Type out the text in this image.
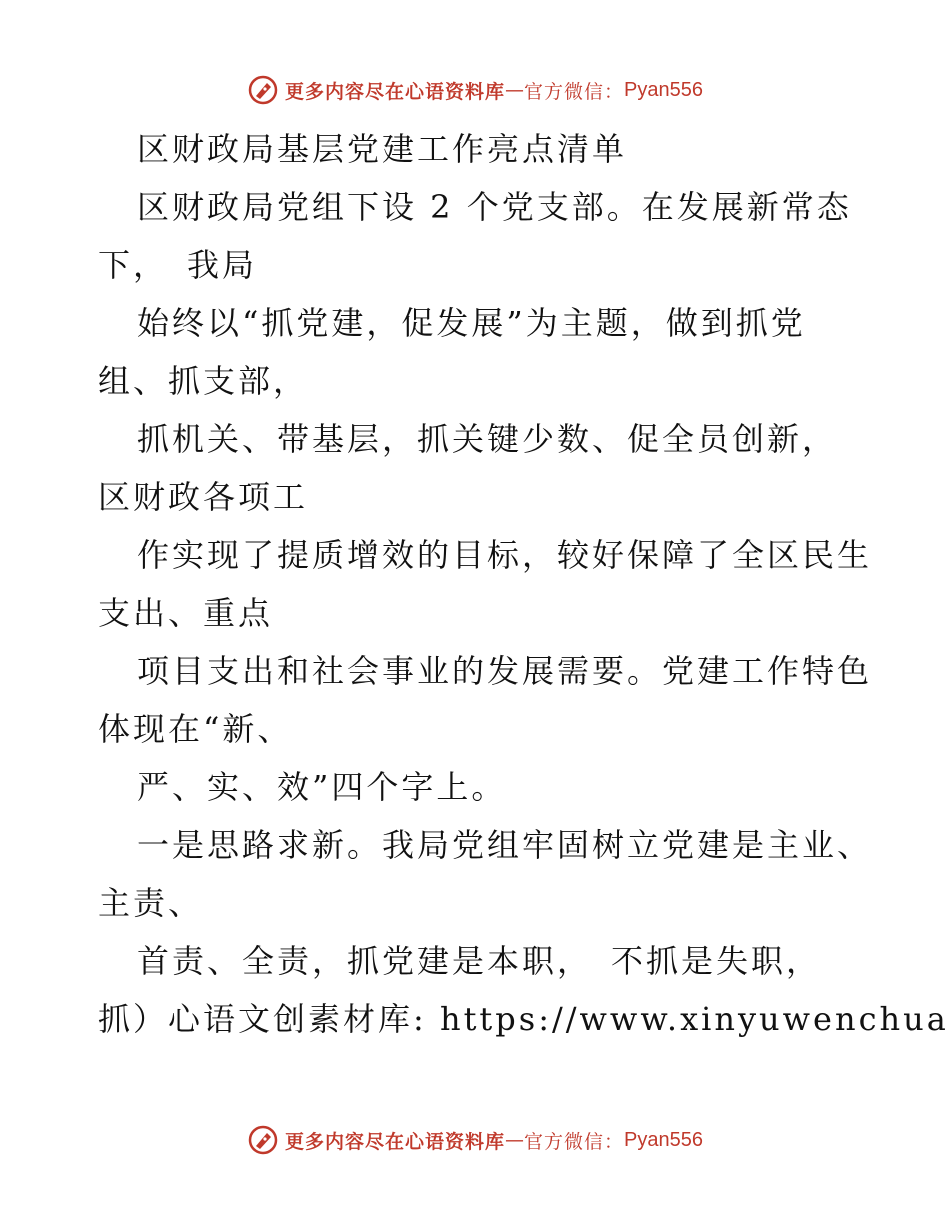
更多内容尽在心语资料库 — 官方微信： Pyan556
区财政局基层党建工作亮点清单
区财政局党组下设 2 个党支部。在发展新常态
下，　我局
始终以“抓党建，促发展”为主题，做到抓党
组、抓支部，
抓机关、带基层，抓关键少数、促全员创新，
区财政各项工
作实现了提质增效的目标，较好保障了全区民生
支出、重点
项目支出和社会事业的发展需要。党建工作特色
体现在“新、
严、实、效”四个字上。
一是思路求新。我局党组牢固树立党建是主业、
主责、
首责、全责，抓党建是本职，　不抓是失职，
抓）心语文创素材库: https://www.xinyuwenchua
更多内容尽在心语资料库 — 官方微信： Pyan556
